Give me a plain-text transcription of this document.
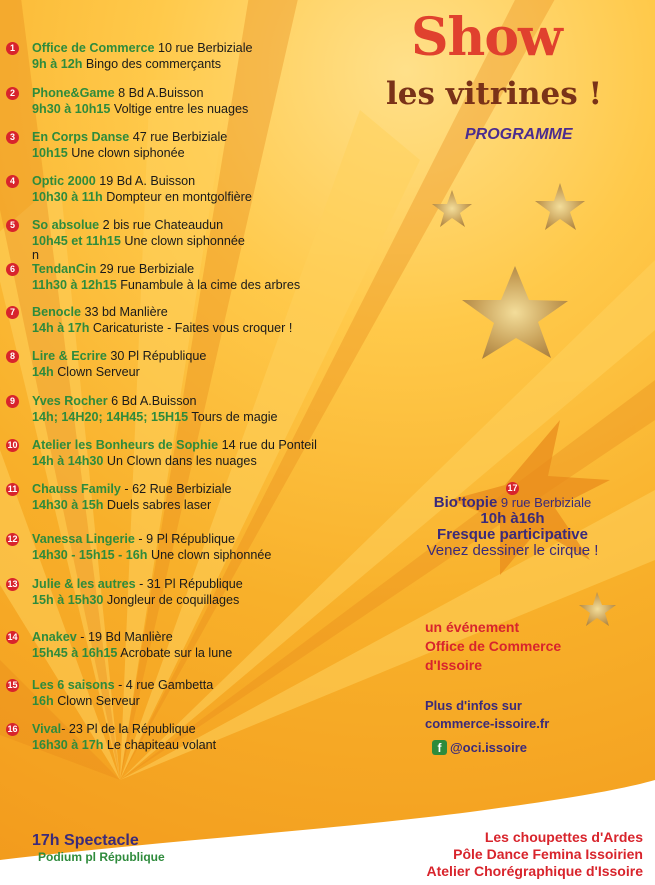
Show
les vitrines !
PROGRAMME
1	Office de Commerce 10 rue Berbiziale
9h à 12h Bingo des commerçants
2	Phone&Game 8 Bd A.Buisson
9h30 à 10h15 Voltige entre les nuages
3	En Corps Danse 47 rue Berbiziale
10h15 Une clown siphonée
4	Optic 2000 19 Bd A. Buisson
10h30 à 11h Dompteur en montgolfière
5	So absolue 2 bis rue Chateaudun
10h45 et 11h15 Une clown siphonnée
n
6	TendanCin 29 rue Berbiziale
11h30 à 12h15 Funambule à la cime des arbres
7	Benocle 33 bd Manlière
14h à 17h Caricaturiste - Faites vous croquer !
8	Lire & Ecrire 30 Pl République
14h Clown Serveur
9	Yves Rocher 6 Bd A.Buisson
14h; 14H20; 14H45; 15H15 Tours de magie
10 Atelier les Bonheurs de Sophie 14 rue du Ponteil
14h à 14h30 Un Clown dans les nuages
11 Chauss Family - 62 Rue Berbiziale
14h30 à 15h Duels sabres laser
12 Vanessa Lingerie - 9 Pl République
14h30 - 15h15 - 16h Une clown siphonnée
13 Julie & les autres - 31 Pl République
15h à 15h30 Jongleur de coquillages
14 Anakev - 19 Bd Manlière
15h45 à 16h15 Acrobate sur la lune
15 Les 6 saisons - 4 rue Gambetta
16h Clown Serveur
16 Vival- 23 Pl de la République
16h30 à 17h Le chapiteau volant
17
Bio'topie 9 rue Berbiziale
10h à16h
Fresque participative
Venez dessiner le cirque !
un événement
Office de Commerce
d'Issoire
Plus d'infos sur
commerce-issoire.fr
f @oci.issoire
17h Spectacle
Podium pl République
Les choupettes d'Ardes
Pôle Dance Femina Issoirien
Atelier Chorégraphique d'Issoire
